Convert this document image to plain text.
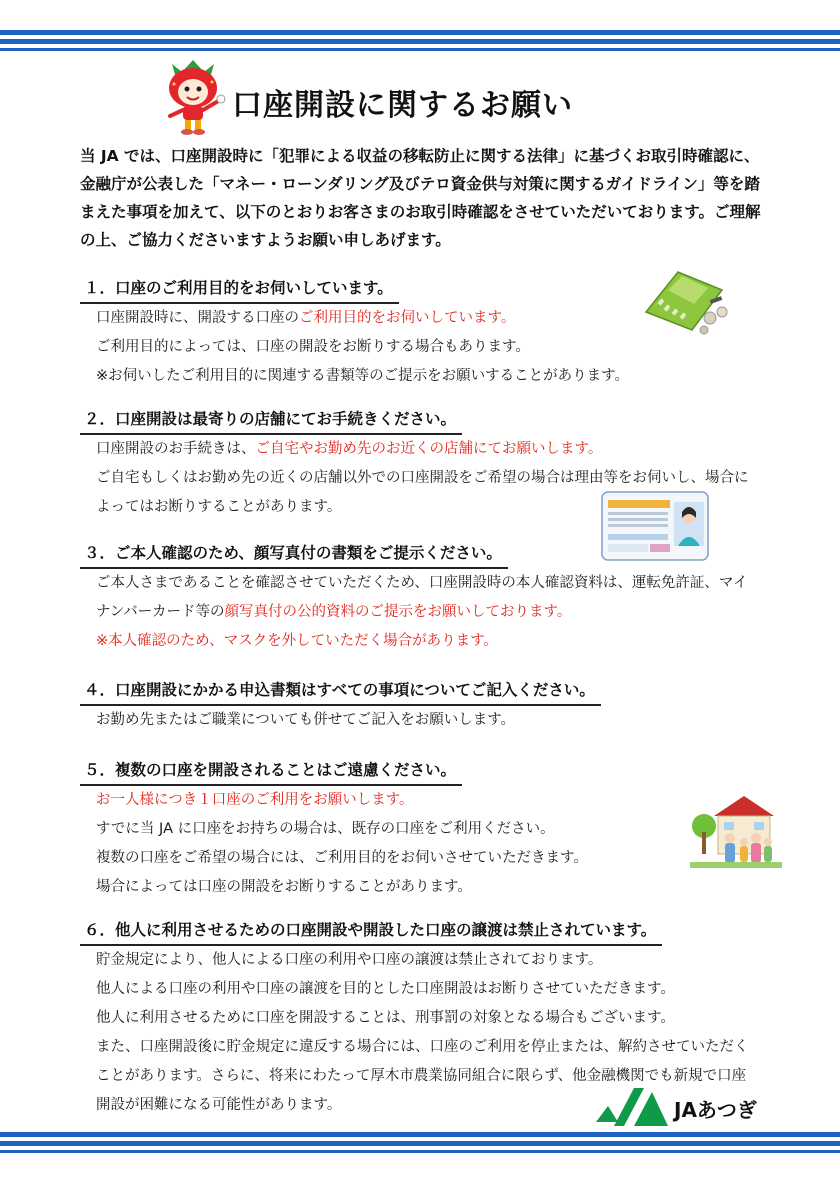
口座開設に関するお願い

当 JA では、口座開設時に「犯罪による収益の移転防止に関する法律」に基づくお取引時確認に、金融庁が公表した「マネー・ローンダリング及びテロ資金供与対策に関するガイドライン」等を踏まえた事項を加えて、以下のとおりお客さまのお取引時確認をさせていただいております。ご理解の上、ご協力くださいますようお願い申しあげます。

１．口座のご利用目的をお伺いしています。

口座開設時に、開設する口座のご利用目的をお伺いしています。

ご利用目的によっては、口座の開設をお断りする場合もあります。

※お伺いしたご利用目的に関連する書類等のご提示をお願いすることがあります。

２．口座開設は最寄りの店舗にてお手続きください。

口座開設のお手続きは、ご自宅やお勤め先のお近くの店舗にてお願いします。

ご自宅もしくはお勤め先の近くの店舗以外での口座開設をご希望の場合は理由等をお伺いし、場合によってはお断りすることがあります。

３．ご本人確認のため、顔写真付の書類をご提示ください。

ご本人さまであることを確認させていただくため、口座開設時の本人確認資料は、運転免許証、マイナンバーカード等の顔写真付の公的資料のご提示をお願いしております。

※本人確認のため、マスクを外していただく場合があります。

４．口座開設にかかる申込書類はすべての事項についてご記入ください。

お勤め先またはご職業についても併せてご記入をお願いします。

５．複数の口座を開設されることはご遠慮ください。

お一人様につき１口座のご利用をお願いします。

すでに当 JA に口座をお持ちの場合は、既存の口座をご利用ください。

複数の口座をご希望の場合には、ご利用目的をお伺いさせていただきます。

場合によっては口座の開設をお断りすることがあります。

６．他人に利用させるための口座開設や開設した口座の譲渡は禁止されています。

貯金規定により、他人による口座の利用や口座の譲渡は禁止されております。

他人による口座の利用や口座の譲渡を目的とした口座開設はお断りさせていただきます。

他人に利用させるために口座を開設することは、刑事罰の対象となる場合もございます。

また、口座開設後に貯金規定に違反する場合には、口座のご利用を停止または、解約させていただくことがあります。さらに、将来にわたって厚木市農業協同組合に限らず、他金融機関でも新規で口座開設が困難になる可能性があります。	JAあつぎ
